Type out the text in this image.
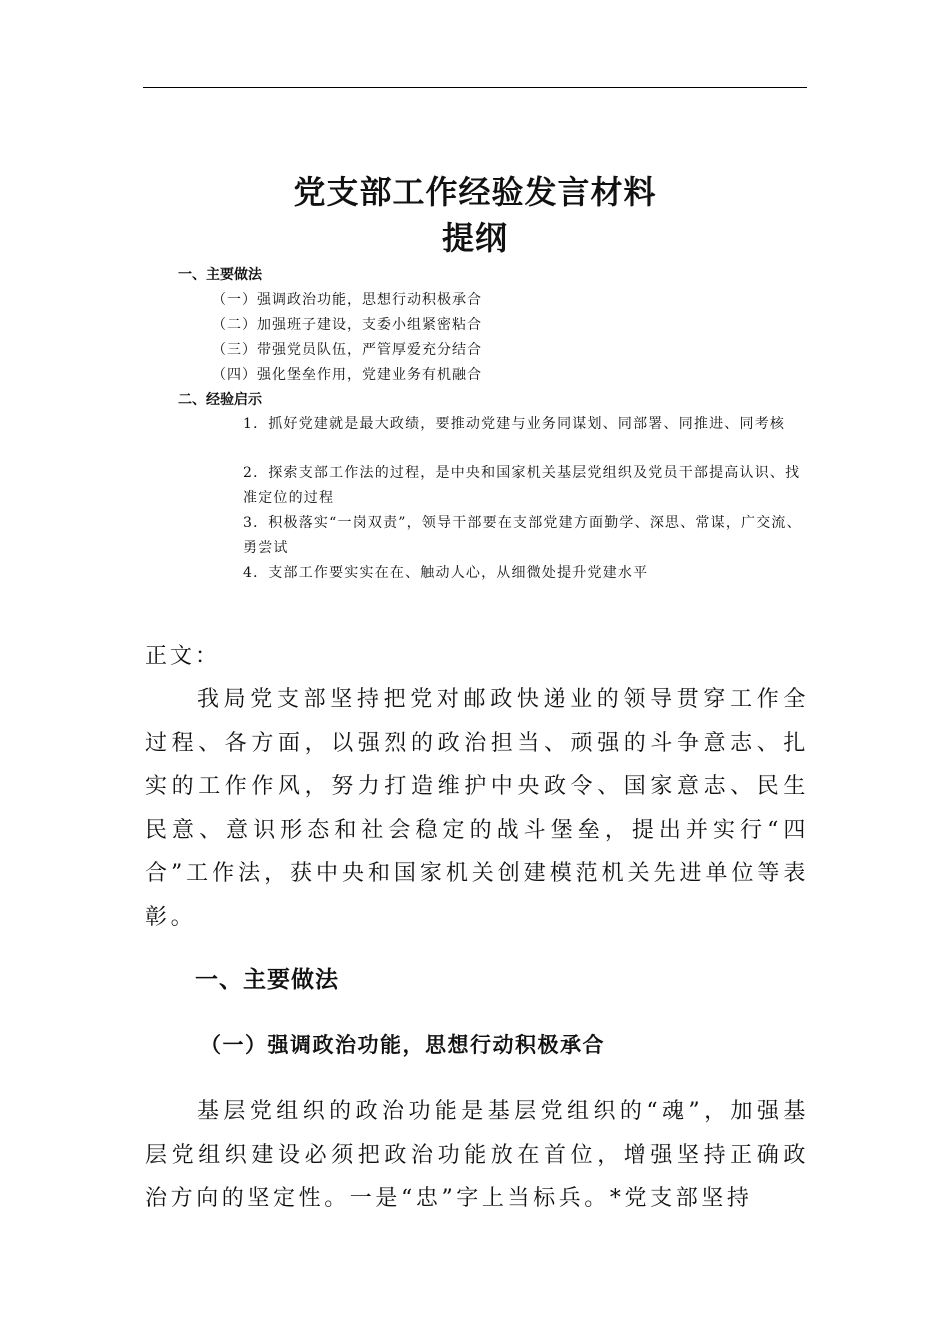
党支部工作经验发言材料
提纲
一、主要做法
（一）强调政治功能，思想行动积极承合
（二）加强班子建设，支委小组紧密粘合
（三）带强党员队伍，严管厚爱充分结合
（四）强化堡垒作用，党建业务有机融合
二、经验启示
1．抓好党建就是最大政绩，要推动党建与业务同谋划、同部署、同推进、同考核
2．探索支部工作法的过程，是中央和国家机关基层党组织及党员干部提高认识、找准定位的过程
3．积极落实“一岗双责”，领导干部要在支部党建方面勤学、深思、常谋，广交流、勇尝试
4．支部工作要实实在在、触动人心，从细微处提升党建水平
正文：
我局党支部坚持把党对邮政快递业的领导贯穿工作全过程、各方面，以强烈的政治担当、顽强的斗争意志、扎实的工作作风，努力打造维护中央政令、国家意志、民生民意、意识形态和社会稳定的战斗堡垒，提出并实行“四合”工作法，获中央和国家机关创建模范机关先进单位等表彰。
一、主要做法
（一）强调政治功能，思想行动积极承合
基层党组织的政治功能是基层党组织的“魂”，加强基层党组织建设必须把政治功能放在首位，增强坚持正确政治方向的坚定性。一是“忠”字上当标兵。*党支部坚持
